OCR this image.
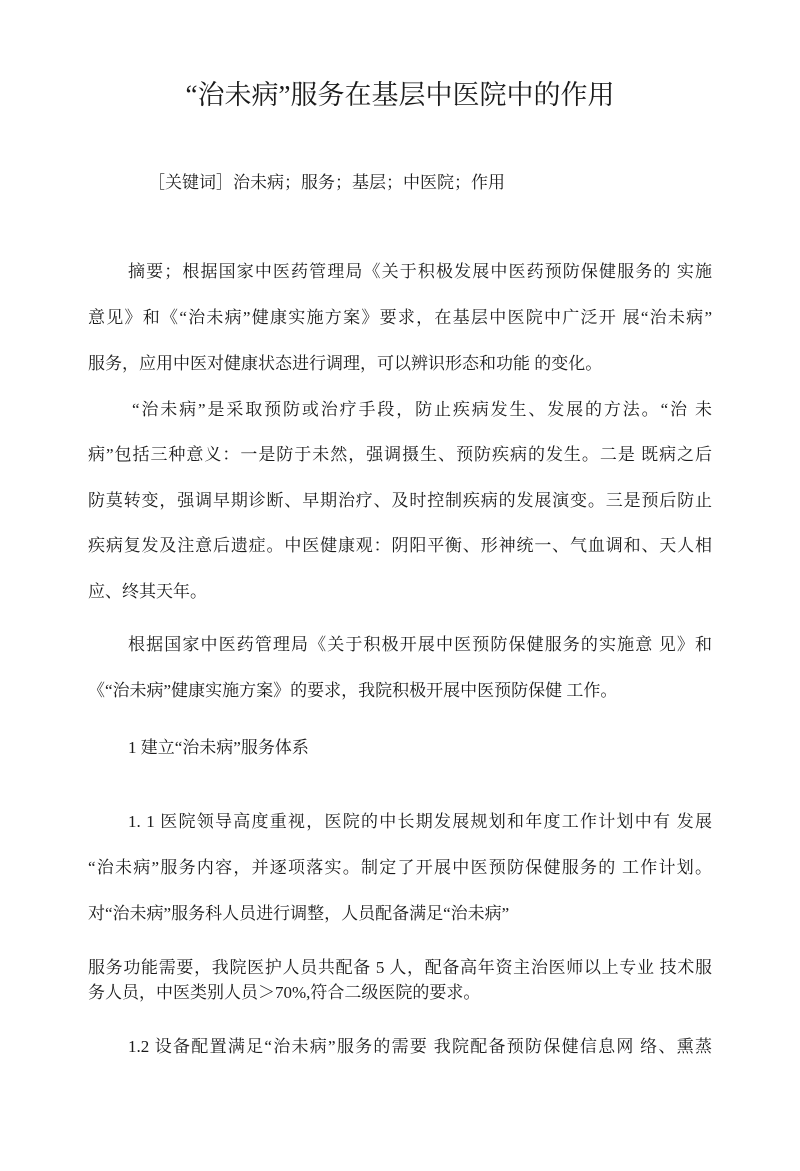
“治未病”服务在基层中医院中的作用
［关键词］治未病；服务；基层；中医院；作用
摘要；根据国家中医药管理局《关于积极发展中医药预防保健服务的 实施
意见》和《“治未病”健康实施方案》要求，在基层中医院中广泛开 展“治未病”
服务，应用中医对健康状态进行调理，可以辨识形态和功能 的变化。
“治未病”是采取预防或治疗手段，防止疾病发生、发展的方法。“治 未
病”包括三种意义：一是防于未然，强调摄生、预防疾病的发生。二是 既病之后
防莫转变，强调早期诊断、早期治疗、及时控制疾病的发展演变。三是预后防止
疾病复发及注意后遗症。中医健康观：阴阳平衡、形神统一、气血调和、天人相
应、终其天年。
根据国家中医药管理局《关于积极开展中医预防保健服务的实施意 见》和
《“治未病”健康实施方案》的要求，我院积极开展中医预防保健 工作。
1 建立“治未病”服务体系
1. 1 医院领导高度重视，医院的中长期发展规划和年度工作计划中有 发展
“治未病”服务内容，并逐项落实。制定了开展中医预防保健服务的 工作计划。
对“治未病”服务科人员进行调整，人员配备满足“治未病”
服务功能需要，我院医护人员共配备 5 人，配备高年资主治医师以上专业 技术服
务人员，中医类别人员＞70%,符合二级医院的要求。
1.2 设备配置满足“治未病”服务的需要 我院配备预防保健信息网 络、熏蒸
